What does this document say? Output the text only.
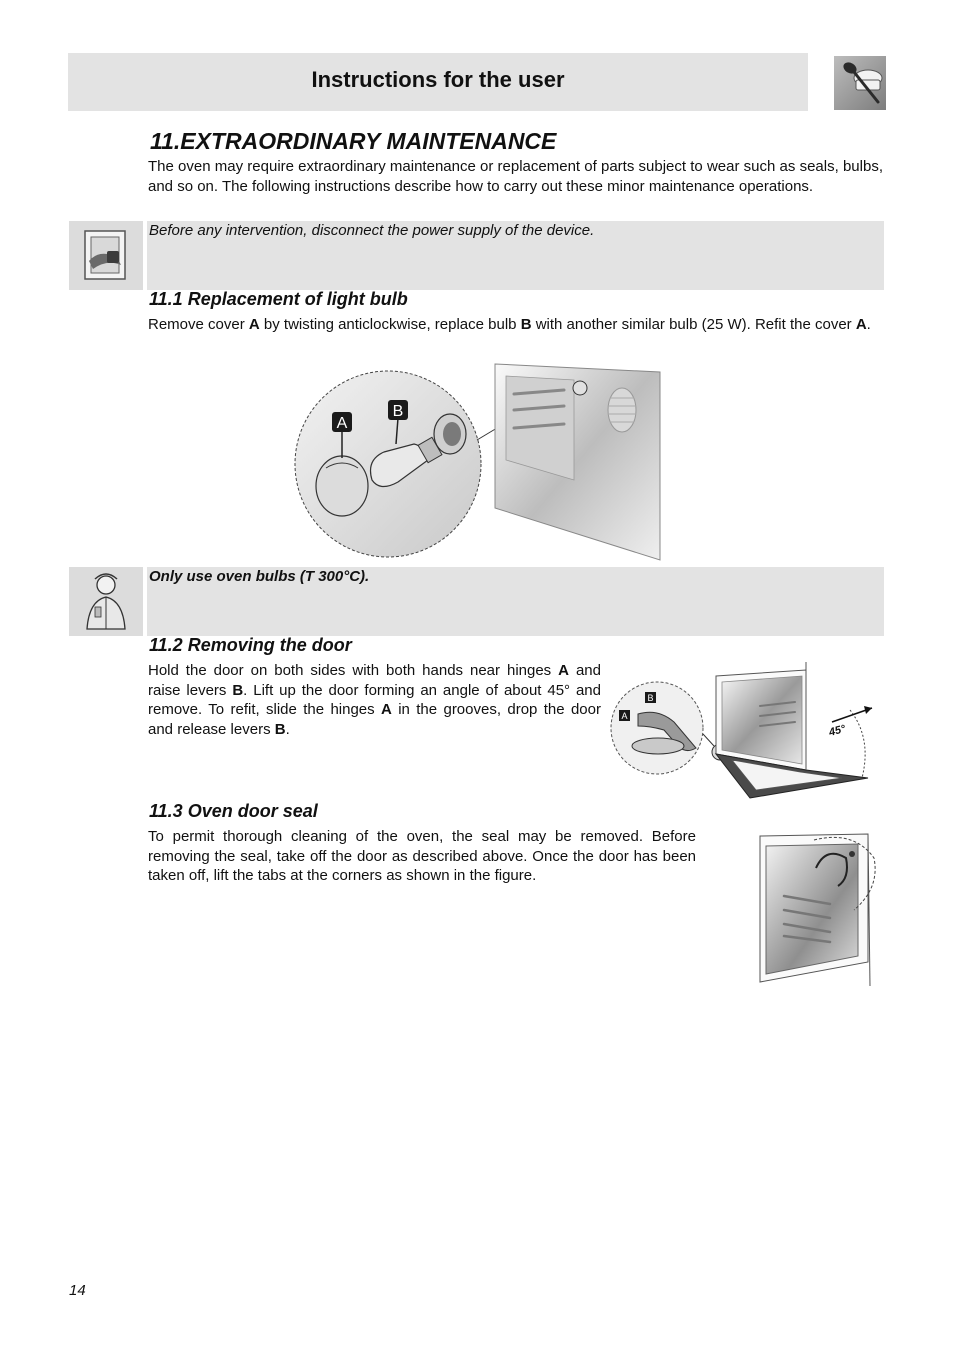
Instructions for the user
11.EXTRAORDINARY MAINTENANCE

The oven may require extraordinary maintenance or replacement of parts subject to wear such as seals, bulbs, and so on. The following instructions describe how to carry out these minor maintenance operations.

Before any intervention, disconnect the power supply of the device.
11.1 Replacement of light bulb

Remove cover A by twisting anticlockwise, replace bulb B with another similar bulb (25 W). Refit the cover A.

A
B
Only use oven bulbs (T 300°C).
11.2 Removing the door

Hold the door on both sides with both hands near hinges A and raise levers B. Lift up the door forming an angle of about 45° and remove. To refit, slide the hinges A in the grooves, drop the door and release levers B.

B
A
45°
11.3 Oven door seal

To permit thorough cleaning of the oven, the seal may be removed. Before removing the seal, take off the door as described above. Once the door has been taken off, lift the tabs at the corners as shown in the figure.

14
